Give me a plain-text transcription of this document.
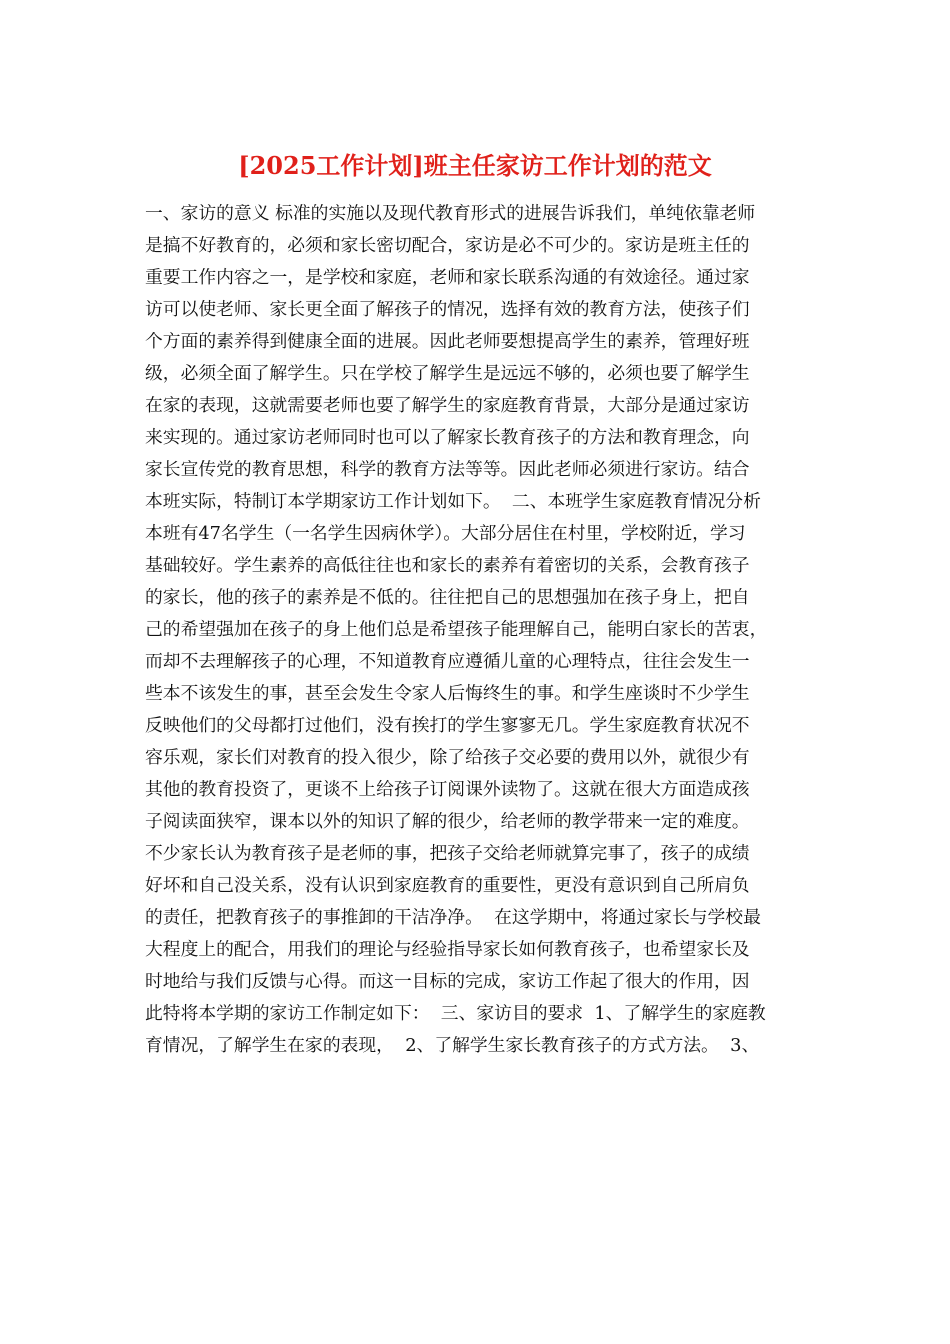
[2025工作计划]班主任家访工作计划的范文
一、家访的意义 标准的实施以及现代教育形式的进展告诉我们，单纯依靠老师
是搞不好教育的，必须和家长密切配合，家访是必不可少的。家访是班主任的
重要工作内容之一，是学校和家庭，老师和家长联系沟通的有效途径。通过家
访可以使老师、家长更全面了解孩子的情况，选择有效的教育方法，使孩子们
个方面的素养得到健康全面的进展。因此老师要想提高学生的素养，管理好班
级，必须全面了解学生。只在学校了解学生是远远不够的，必须也要了解学生
在家的表现，这就需要老师也要了解学生的家庭教育背景，大部分是通过家访
来实现的。通过家访老师同时也可以了解家长教育孩子的方法和教育理念，向
家长宣传党的教育思想，科学的教育方法等等。因此老师必须进行家访。结合
本班实际，特制订本学期家访工作计划如下。  二、本班学生家庭教育情况分析
本班有47名学生（一名学生因病休学）。大部分居住在村里，学校附近，学习
基础较好。学生素养的高低往往也和家长的素养有着密切的关系，会教育孩子
的家长，他的孩子的素养是不低的。往往把自己的思想强加在孩子身上，把自
己的希望强加在孩子的身上他们总是希望孩子能理解自己，能明白家长的苦衷，
而却不去理解孩子的心理，不知道教育应遵循儿童的心理特点，往往会发生一
些本不该发生的事，甚至会发生令家人后悔终生的事。和学生座谈时不少学生
反映他们的父母都打过他们，没有挨打的学生寥寥无几。学生家庭教育状况不
容乐观，家长们对教育的投入很少，除了给孩子交必要的费用以外，就很少有
其他的教育投资了，更谈不上给孩子订阅课外读物了。这就在很大方面造成孩
子阅读面狭窄，课本以外的知识了解的很少，给老师的教学带来一定的难度。
不少家长认为教育孩子是老师的事，把孩子交给老师就算完事了，孩子的成绩
好坏和自己没关系，没有认识到家庭教育的重要性，更没有意识到自己所肩负
的责任，把教育孩子的事推卸的干洁净净。  在这学期中，将通过家长与学校最
大程度上的配合，用我们的理论与经验指导家长如何教育孩子，也希望家长及
时地给与我们反馈与心得。而这一目标的完成，家访工作起了很大的作用，因
此特将本学期的家访工作制定如下：  三、家访目的要求  1、了解学生的家庭教
育情况，了解学生在家的表现，  2、了解学生家长教育孩子的方式方法。  3、
